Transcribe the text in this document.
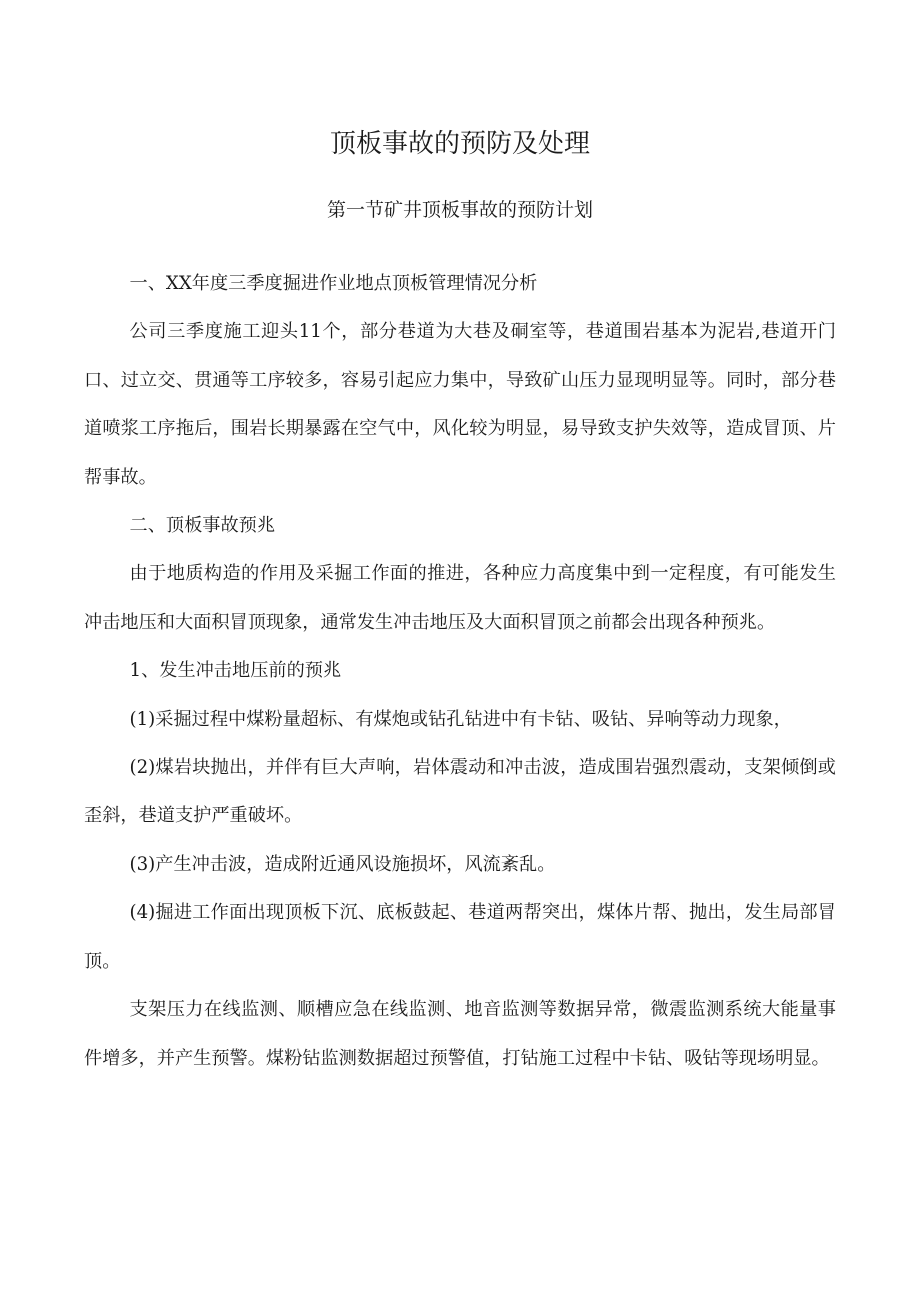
顶板事故的预防及处理
第一节矿井顶板事故的预防计划

一、XX年度三季度掘进作业地点顶板管理情况分析

公司三季度施工迎头11个，部分巷道为大巷及硐室等，巷道围岩基本为泥岩,巷道开门口、过立交、贯通等工序较多，容易引起应力集中，导致矿山压力显现明显等。同时，部分巷道喷浆工序拖后，围岩长期暴露在空气中，风化较为明显，易导致支护失效等，造成冒顶、片帮事故。

二、顶板事故预兆

由于地质构造的作用及采掘工作面的推进，各种应力高度集中到一定程度，有可能发生冲击地压和大面积冒顶现象，通常发生冲击地压及大面积冒顶之前都会出现各种预兆。

1、发生冲击地压前的预兆

(1)采掘过程中煤粉量超标、有煤炮或钻孔钻进中有卡钻、吸钻、异响等动力现象，

(2)煤岩块抛出，并伴有巨大声响，岩体震动和冲击波，造成围岩强烈震动，支架倾倒或歪斜，巷道支护严重破坏。

(3)产生冲击波，造成附近通风设施损坏，风流紊乱。

(4)掘进工作面出现顶板下沉、底板鼓起、巷道两帮突出，煤体片帮、抛出，发生局部冒顶。

支架压力在线监测、顺槽应急在线监测、地音监测等数据异常，微震监测系统大能量事件增多，并产生预警。煤粉钻监测数据超过预警值，打钻施工过程中卡钻、吸钻等现场明显。
